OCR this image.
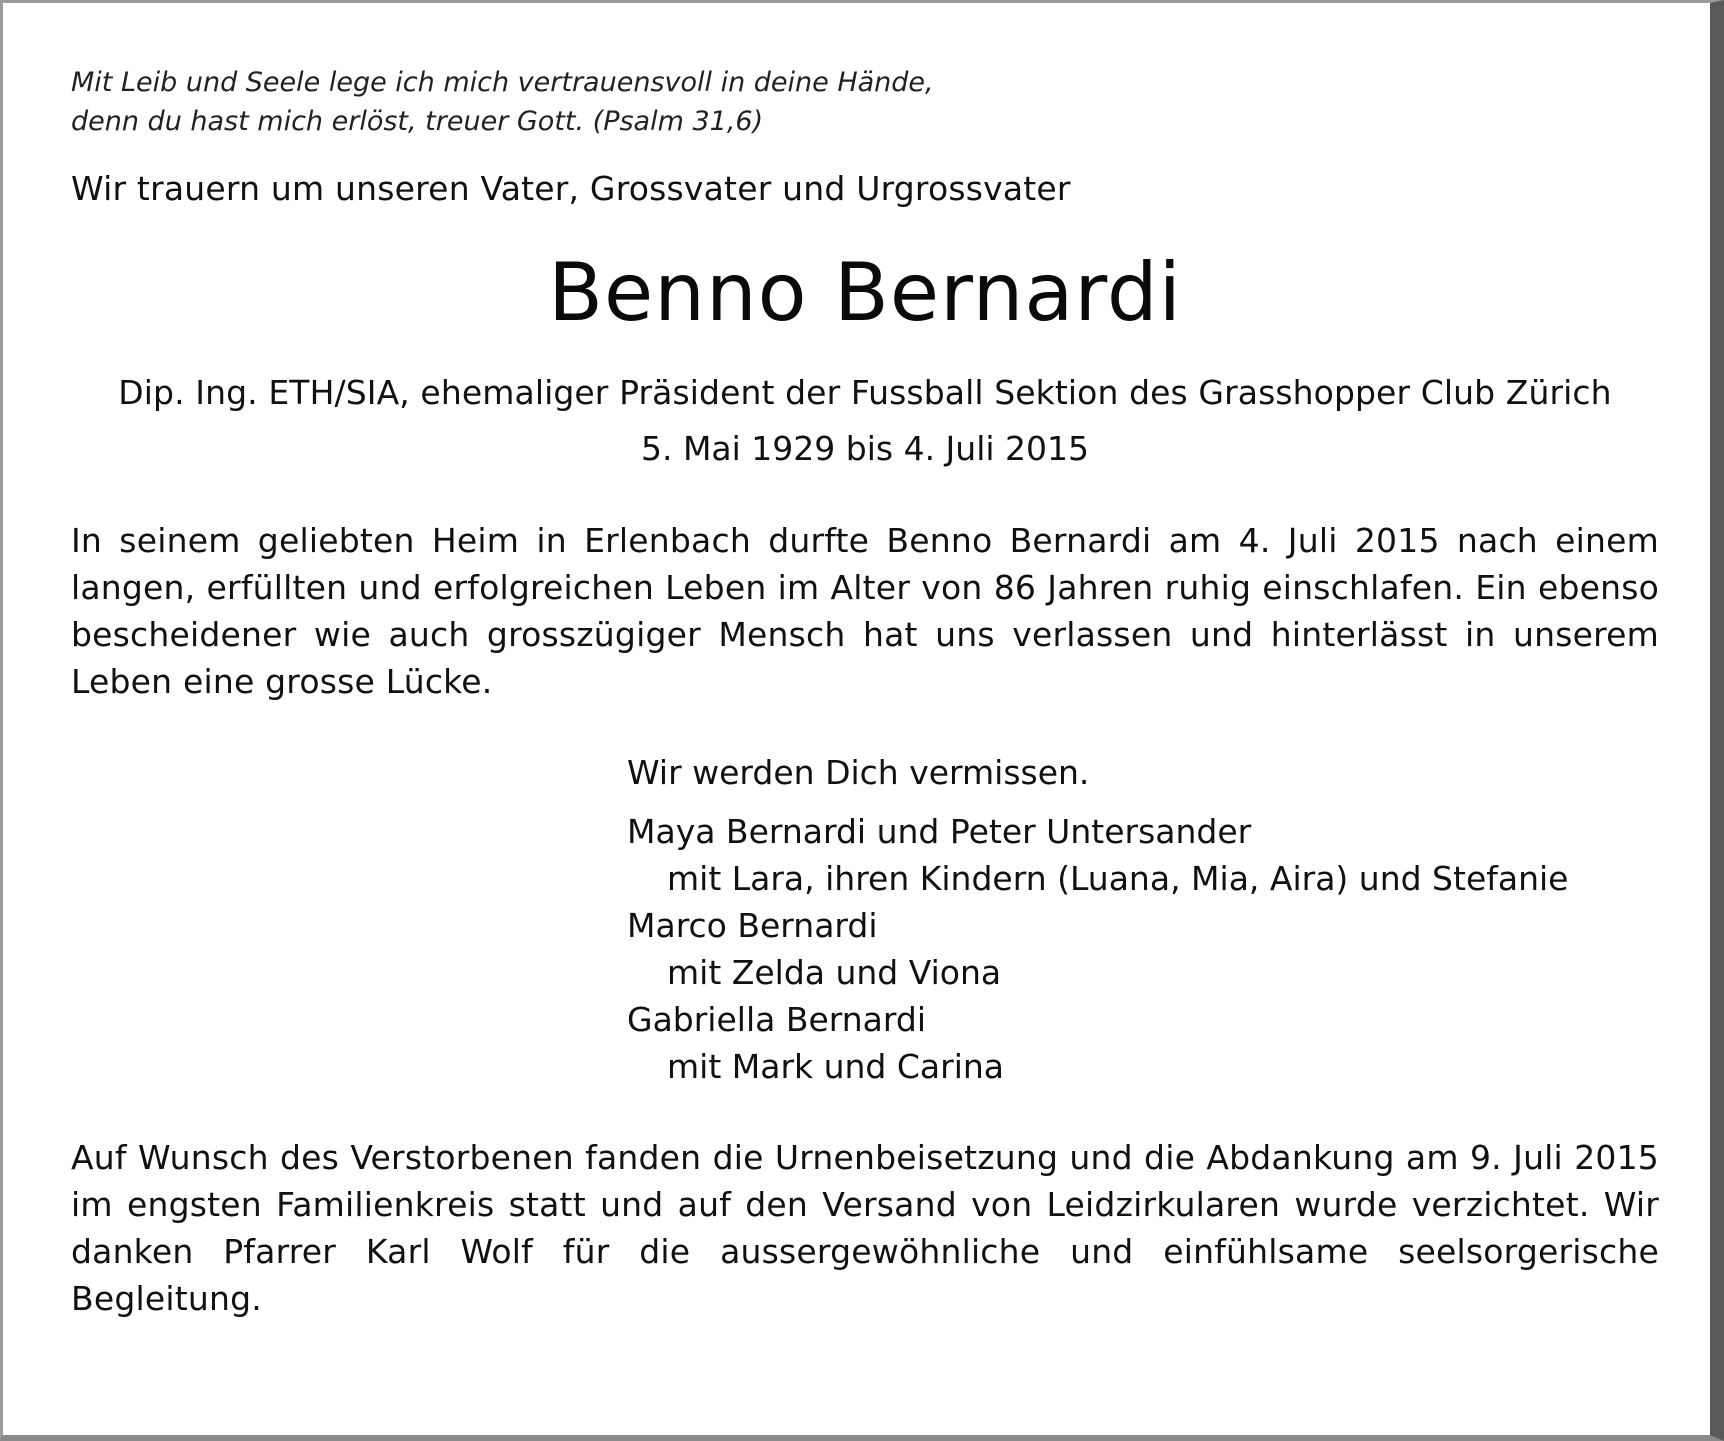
Mit Leib und Seele lege ich mich vertrauensvoll in deine Hände,
denn du hast mich erlöst, treuer Gott. (Psalm 31,6)
Wir trauern um unseren Vater, Grossvater und Urgrossvater
Benno Bernardi
Dip. Ing. ETH/SIA, ehemaliger Präsident der Fussball Sektion des Grasshopper Club Zürich
5. Mai 1929 bis 4. Juli 2015
In seinem geliebten Heim in Erlenbach durfte Benno Bernardi am 4. Juli 2015 nach einem langen, erfüllten und erfolgreichen Leben im Alter von 86 Jahren ruhig einschlafen. Ein ebenso bescheidener wie auch grosszügiger Mensch hat uns verlassen und hinterlässt in unserem Leben eine grosse Lücke.
Wir werden Dich vermissen.
Maya Bernardi und Peter Untersander
mit Lara, ihren Kindern (Luana, Mia, Aira) und Stefanie
Marco Bernardi
mit Zelda und Viona
Gabriella Bernardi
mit Mark und Carina
Auf Wunsch des Verstorbenen fanden die Urnenbeisetzung und die Abdankung am 9. Juli 2015 im engsten Familienkreis statt und auf den Versand von Leidzirkularen wurde verzichtet. Wir danken Pfarrer Karl Wolf für die aussergewöhnliche und einfühlsame seelsorgerische Begleitung.
